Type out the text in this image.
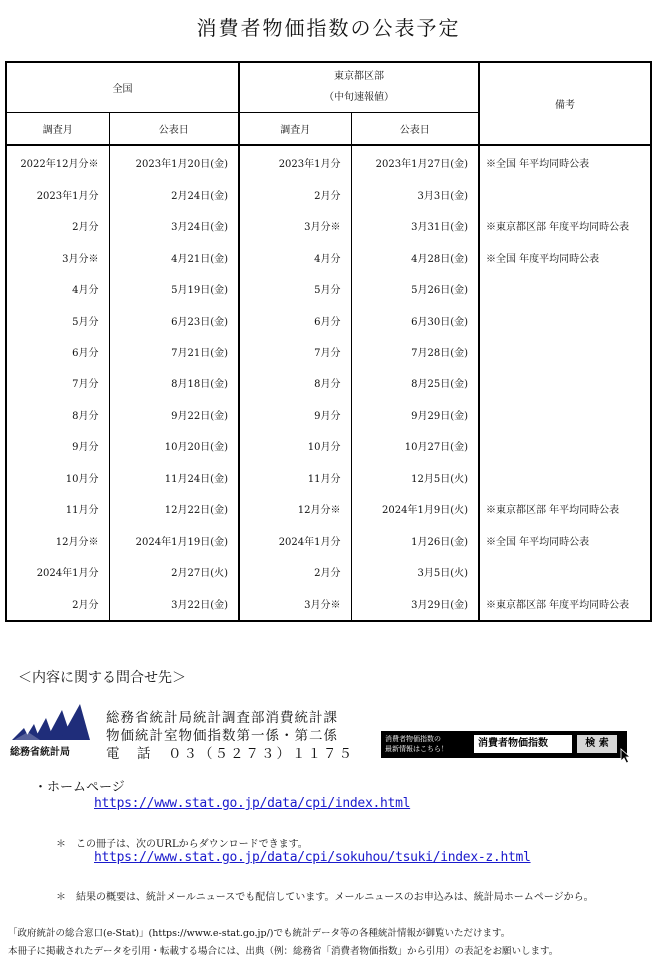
消費者物価指数の公表予定
全国		東京都区部
（中旬速報値）		備考
調査月	公表日	調査月	公表日	
2022年12月分※	2023年1月20日(金)	2023年1月分	2023年1月27日(金)	※全国 年平均同時公表
2023年1月分	2月24日(金)	2月分	3月3日(金)	
2月分	3月24日(金)	3月分※	3月31日(金)	※東京都区部 年度平均同時公表
3月分※	4月21日(金)	4月分	4月28日(金)	※全国 年度平均同時公表
4月分	5月19日(金)	5月分	5月26日(金)	
5月分	6月23日(金)	6月分	6月30日(金)	
6月分	7月21日(金)	7月分	7月28日(金)	
7月分	8月18日(金)	8月分	8月25日(金)	
8月分	9月22日(金)	9月分	9月29日(金)	
9月分	10月20日(金)	10月分	10月27日(金)	
10月分	11月24日(金)	11月分	12月5日(火)	
11月分	12月22日(金)	12月分※	2024年1月9日(火)	※東京都区部 年平均同時公表
12月分※	2024年1月19日(金)	2024年1月分	1月26日(金)	※全国 年平均同時公表
2024年1月分	2月27日(火)	2月分	3月5日(火)	
2月分	3月22日(金)	3月分※	3月29日(金)	※東京都区部 年度平均同時公表
＜内容に関する問合せ先＞
総務省統計局
総務省統計局統計調査部消費統計課
物価統計室物価指数第一係・第二係
電　話　０３（５２７３）１１７５
消費者物価指数の
最新情報はこちら！	消費者物価指数	検 索
・ホームページ
https://www.stat.go.jp/data/cpi/index.html
＊　この冊子は、次のURLからダウンロードできます。
https://www.stat.go.jp/data/cpi/sokuhou/tsuki/index-z.html
＊　結果の概要は、統計メールニュースでも配信しています。メールニュースのお申込みは、統計局ホームページから。
「政府統計の総合窓口(e-Stat)」(https://www.e-stat.go.jp/)でも統計データ等の各種統計情報が御覧いただけます。
本冊子に掲載されたデータを引用・転載する場合には、出典（例：総務省「消費者物価指数」から引用）の表記をお願いします。
